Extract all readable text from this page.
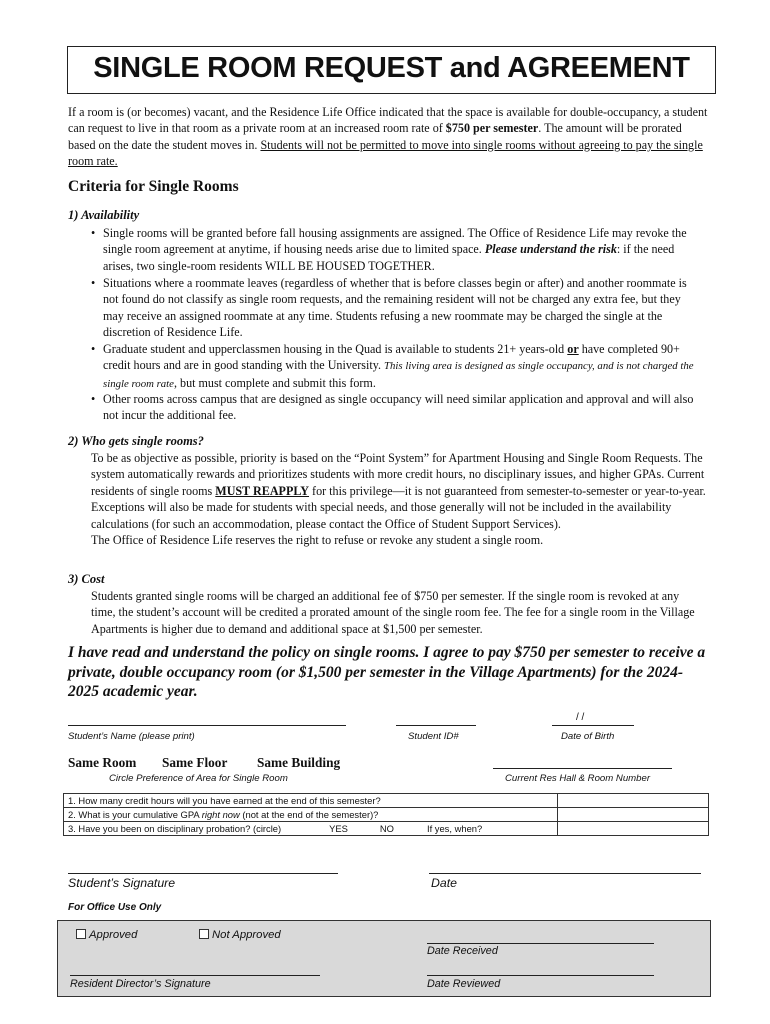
SINGLE ROOM REQUEST and AGREEMENT
If a room is (or becomes) vacant, and the Residence Life Office indicated that the space is available for double-occupancy, a student can request to live in that room as a private room at an increased room rate of $750 per semester. The amount will be prorated based on the date the student moves in. Students will not be permitted to move into single rooms without agreeing to pay the single room rate.
Criteria for Single Rooms
1) Availability
• Single rooms will be granted before fall housing assignments are assigned. The Office of Residence Life may revoke the single room agreement at anytime, if housing needs arise due to limited space. Please understand the risk: if the need arises, two single-room residents WILL BE HOUSED TOGETHER.
• Situations where a roommate leaves (regardless of whether that is before classes begin or after) and another roommate is not found do not classify as single room requests, and the remaining resident will not be charged any extra fee, but they may receive an assigned roommate at any time. Students refusing a new roommate may be charged the single at the discretion of Residence Life.
• Graduate student and upperclassmen housing in the Quad is available to students 21+ years-old or have completed 90+ credit hours and are in good standing with the University. This living area is designed as single occupancy, and is not charged the single room rate, but must complete and submit this form.
• Other rooms across campus that are designed as single occupancy will need similar application and approval and will also not incur the additional fee.
2) Who gets single rooms?
To be as objective as possible, priority is based on the “Point System” for Apartment Housing and Single Room Requests. The system automatically rewards and prioritizes students with more credit hours, no disciplinary issues, and higher GPAs. Current residents of single rooms MUST REAPPLY for this privilege—it is not guaranteed from semester-to-semester or year-to-year. Exceptions will also be made for students with special needs, and those generally will not be included in the availability calculations (for such an accommodation, please contact the Office of Student Support Services).
The Office of Residence Life reserves the right to refuse or revoke any student a single room.
3) Cost
Students granted single rooms will be charged an additional fee of $750 per semester. If the single room is revoked at any time, the student’s account will be credited a prorated amount of the single room fee. The fee for a single room in the Village Apartments is higher due to demand and additional space at $1,500 per semester.
I have read and understand the policy on single rooms. I agree to pay $750 per semester to receive a private, double occupancy room (or $1,500 per semester in the Village Apartments) for the 2024-2025 academic year.
Student’s Name (please print)	Student ID#
/ /
Date of Birth
Same Room Same Floor Same Building
Circle Preference of Area for Single Room	Current Res Hall & Room Number
1. How many credit hours will you have earned at the end of this semester?	
2. What is your cumulative GPA right now (not at the end of the semester)?	
3. Have you been on disciplinary probation? (circle) YES NO If yes, when?	
Student’s Signature	Date
For Office Use Only
Approved	Not Approved
Date Received
Resident Director’s Signature	Date Reviewed
